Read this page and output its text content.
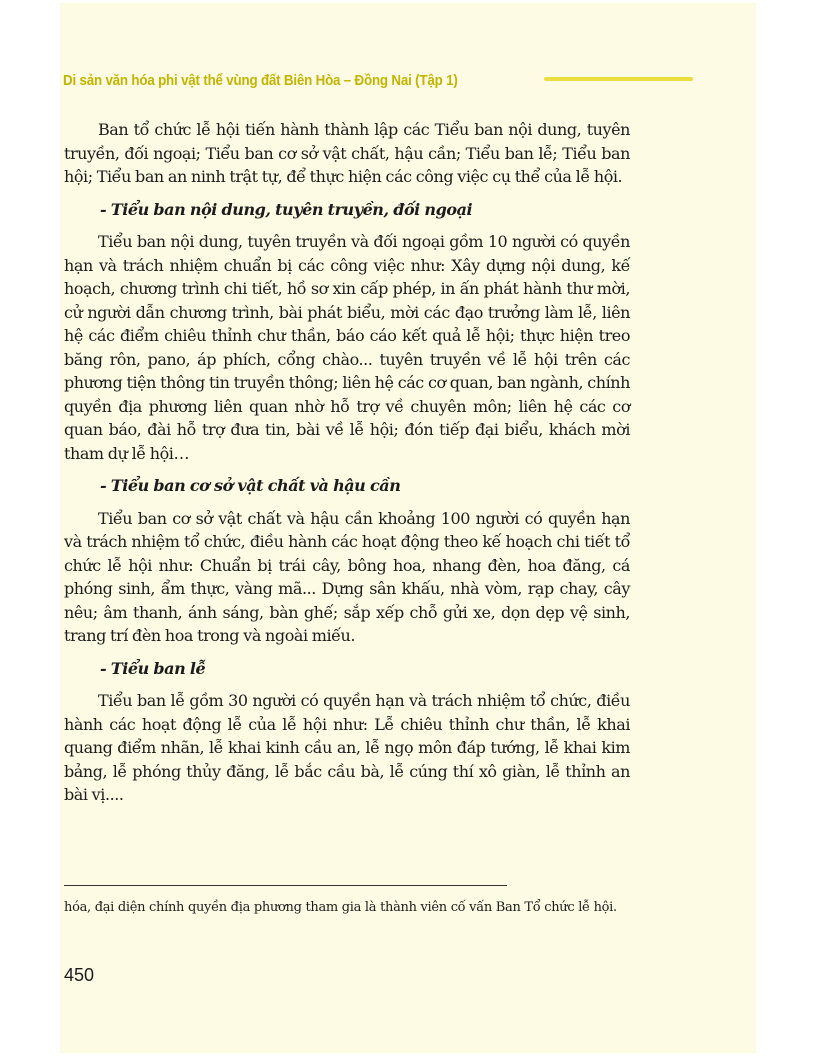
Di sản văn hóa phi vật thể vùng đất Biên Hòa – Đồng Nai (Tập 1)

Ban tổ chức lễ hội tiến hành thành lập các Tiểu ban nội dung, tuyên truyền, đối ngoại; Tiểu ban cơ sở vật chất, hậu cần; Tiểu ban lễ; Tiểu ban hội; Tiểu ban an ninh trật tự, để thực hiện các công việc cụ thể của lễ hội.

- Tiểu ban nội dung, tuyên truyền, đối ngoại

Tiểu ban nội dung, tuyên truyền và đối ngoại gồm 10 người có quyền hạn và trách nhiệm chuẩn bị các công việc như: Xây dựng nội dung, kế hoạch, chương trình chi tiết, hồ sơ xin cấp phép, in ấn phát hành thư mời, cử người dẫn chương trình, bài phát biểu, mời các đạo trưởng làm lễ, liên hệ các điểm chiêu thỉnh chư thần, báo cáo kết quả lễ hội; thực hiện treo băng rôn, pano, áp phích, cổng chào... tuyên truyền về lễ hội trên các phương tiện thông tin truyền thông; liên hệ các cơ quan, ban ngành, chính quyền địa phương liên quan nhờ hỗ trợ về chuyên môn; liên hệ các cơ quan báo, đài hỗ trợ đưa tin, bài về lễ hội; đón tiếp đại biểu, khách mời tham dự lễ hội…

- Tiểu ban cơ sở vật chất và hậu cần

Tiểu ban cơ sở vật chất và hậu cần khoảng 100 người có quyền hạn và trách nhiệm tổ chức, điều hành các hoạt động theo kế hoạch chi tiết tổ chức lễ hội như: Chuẩn bị trái cây, bông hoa, nhang đèn, hoa đăng, cá phóng sinh, ẩm thực, vàng mã... Dựng sân khấu, nhà vòm, rạp chay, cây nêu; âm thanh, ánh sáng, bàn ghế; sắp xếp chỗ gửi xe, dọn dẹp vệ sinh, trang trí đèn hoa trong và ngoài miếu.

- Tiểu ban lễ

Tiểu ban lễ gồm 30 người có quyền hạn và trách nhiệm tổ chức, điều hành các hoạt động lễ của lễ hội như: Lễ chiêu thỉnh chư thần, lễ khai quang điểm nhãn, lễ khai kinh cầu an, lễ ngọ môn đáp tướng, lễ khai kim bảng, lễ phóng thủy đăng, lễ bắc cầu bà, lễ cúng thí xô giàn, lễ thỉnh an bài vị....

hóa, đại diện chính quyền địa phương tham gia là thành viên cố vấn Ban Tổ chức lễ hội.
450
